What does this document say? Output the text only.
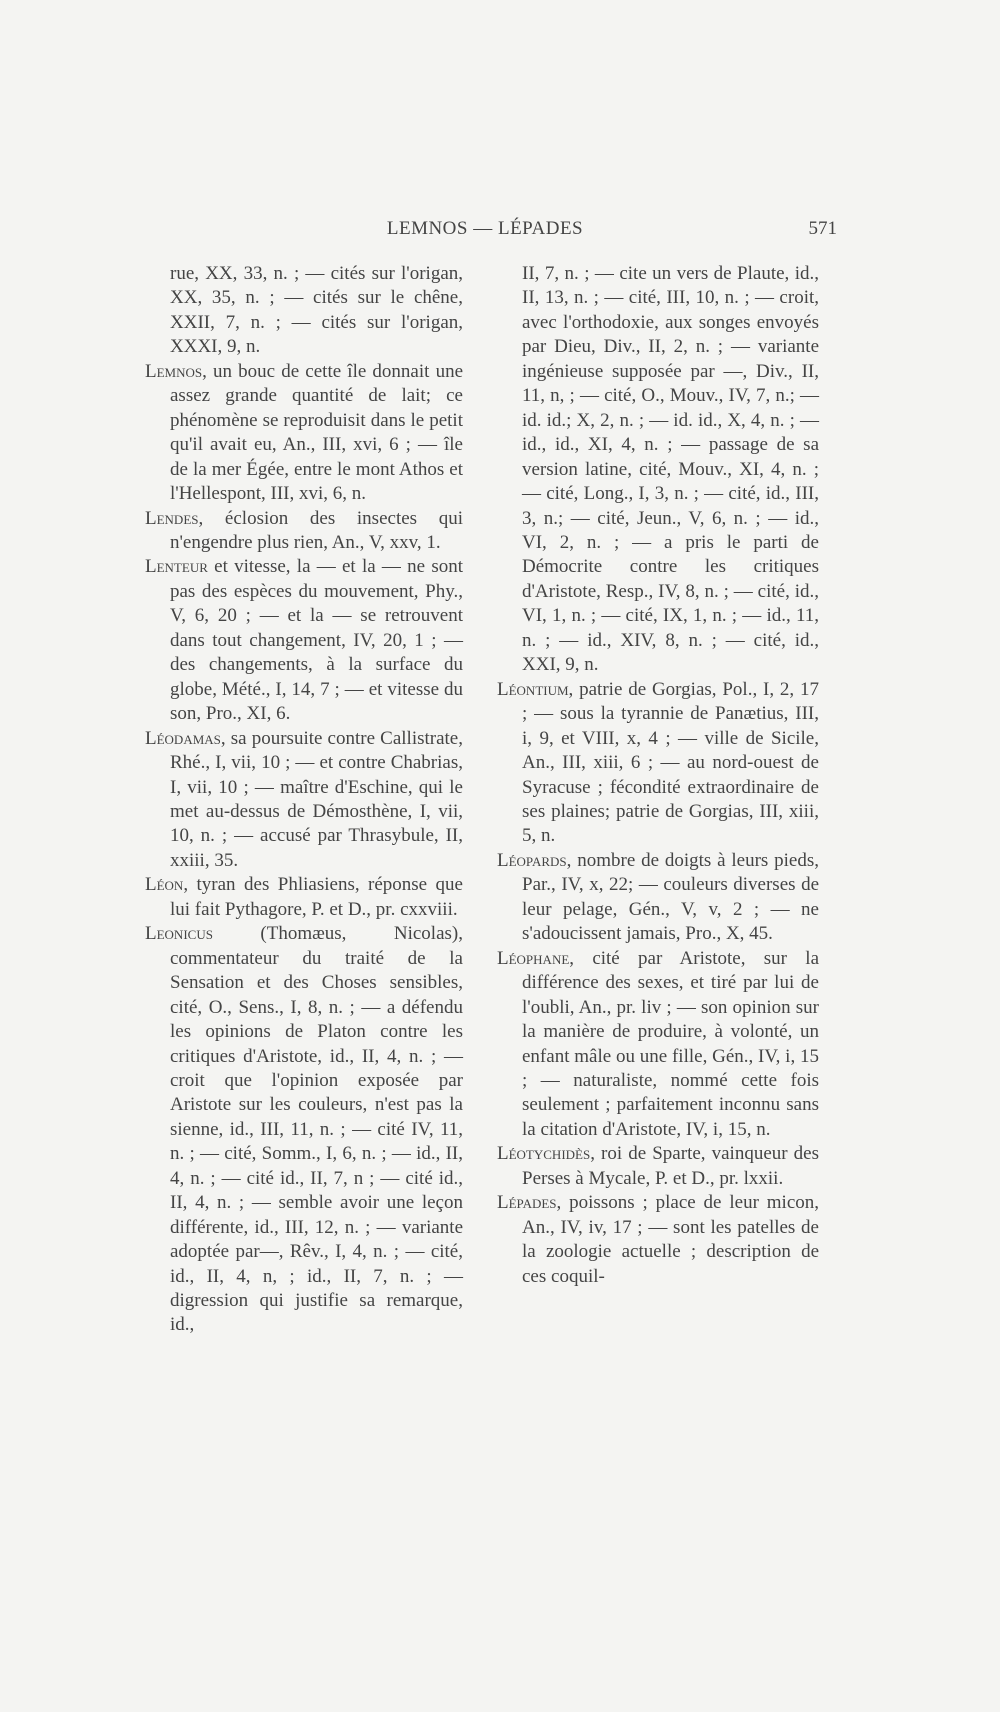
LEMNOS — LÉPADES	571

rue, XX, 33, n. ; — cités sur l'origan, XX, 35, n. ; — cités sur le chêne, XXII, 7, n. ; — cités sur l'origan, XXXI, 9, n.

Lemnos, un bouc de cette île donnait une assez grande quantité de lait; ce phénomène se reproduisit dans le petit qu'il avait eu, An., III, xvi, 6 ; — île de la mer Égée, entre le mont Athos et l'Hellespont, III, xvi, 6, n.

Lendes, éclosion des insectes qui n'engendre plus rien, An., V, xxv, 1.

Lenteur et vitesse, la — et la — ne sont pas des espèces du mouvement, Phy., V, 6, 20 ; — et la — se retrouvent dans tout changement, IV, 20, 1 ; — des changements, à la surface du globe, Mété., I, 14, 7 ; — et vitesse du son, Pro., XI, 6.

Léodamas, sa poursuite contre Callistrate, Rhé., I, vii, 10 ; — et contre Chabrias, I, vii, 10 ; — maître d'Eschine, qui le met au-dessus de Démosthène, I, vii, 10, n. ; — accusé par Thrasybule, II, xxiii, 35.

Léon, tyran des Phliasiens, réponse que lui fait Pythagore, P. et D., pr. cxxviii.

Leonicus (Thomæus, Nicolas), commentateur du traité de la Sensation et des Choses sensibles, cité, O., Sens., I, 8, n. ; — a défendu les opinions de Platon contre les critiques d'Aristote, id., II, 4, n. ; — croit que l'opinion exposée par Aristote sur les couleurs, n'est pas la sienne, id., III, 11, n. ; — cité IV, 11, n. ; — cité, Somm., I, 6, n. ; — id., II, 4, n. ; — cité id., II, 7, n ; — cité id., II, 4, n. ; — semble avoir une leçon différente, id., III, 12, n. ; — variante adoptée par—, Rêv., I, 4, n. ; — cité, id., II, 4, n, ; id., II, 7, n. ; — digression qui justifie sa remarque, id.,

II, 7, n. ; — cite un vers de Plaute, id., II, 13, n. ; — cité, III, 10, n. ; — croit, avec l'orthodoxie, aux songes envoyés par Dieu, Div., II, 2, n. ; — variante ingénieuse supposée par —, Div., II, 11, n, ; — cité, O., Mouv., IV, 7, n.; — id. id.; X, 2, n. ; — id. id., X, 4, n. ; — id., id., XI, 4, n. ; — passage de sa version latine, cité, Mouv., XI, 4, n. ; — cité, Long., I, 3, n. ; — cité, id., III, 3, n.; — cité, Jeun., V, 6, n. ; — id., VI, 2, n. ; — a pris le parti de Démocrite contre les critiques d'Aristote, Resp., IV, 8, n. ; — cité, id., VI, 1, n. ; — cité, IX, 1, n. ; — id., 11, n. ; — id., XIV, 8, n. ; — cité, id., XXI, 9, n.

Léontium, patrie de Gorgias, Pol., I, 2, 17 ; — sous la tyrannie de Panætius, III, i, 9, et VIII, x, 4 ; — ville de Sicile, An., III, xiii, 6 ; — au nord-ouest de Syracuse ; fécondité extraordinaire de ses plaines; patrie de Gorgias, III, xiii, 5, n.

Léopards, nombre de doigts à leurs pieds, Par., IV, x, 22; — couleurs diverses de leur pelage, Gén., V, v, 2 ; — ne s'adoucissent jamais, Pro., X, 45.

Léophane, cité par Aristote, sur la différence des sexes, et tiré par lui de l'oubli, An., pr. liv ; — son opinion sur la manière de produire, à volonté, un enfant mâle ou une fille, Gén., IV, i, 15 ; — naturaliste, nommé cette fois seulement ; parfaitement inconnu sans la citation d'Aristote, IV, i, 15, n.

Léotychidès, roi de Sparte, vainqueur des Perses à Mycale, P. et D., pr. lxxii.

Lépades, poissons ; place de leur micon, An., IV, iv, 17 ; — sont les patelles de la zoologie actuelle ; description de ces coquil-
